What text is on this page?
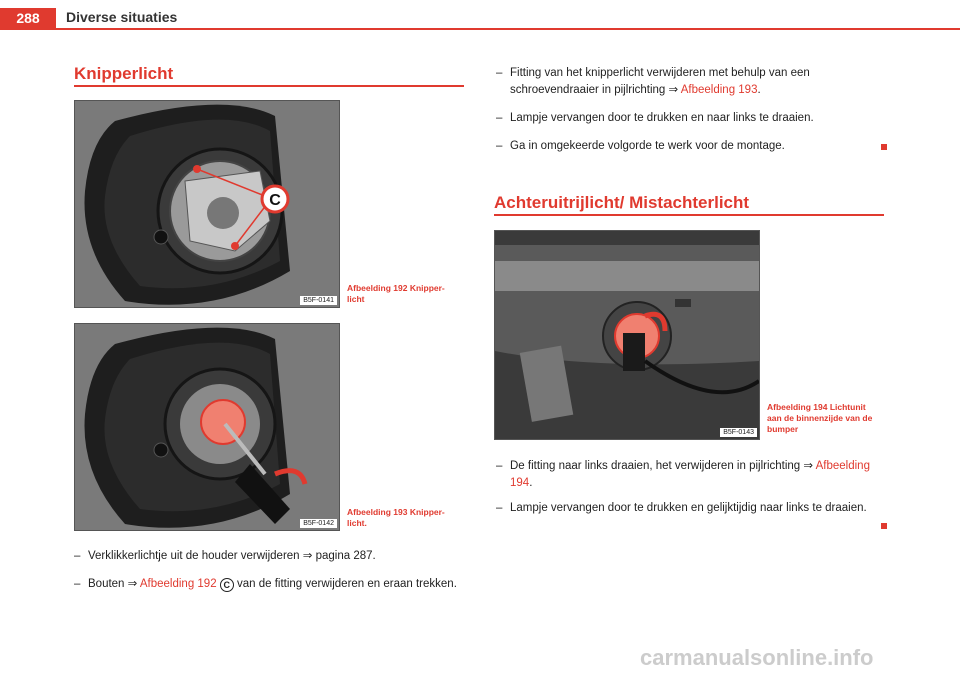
288	Diverse situaties
Knipperlicht
C
B5F-0141
Afbeelding 192 Knipper-licht
B5F-0142
Afbeelding 193 Knipper-licht.
– Verklikkerlichtje uit de houder verwijderen ⇒ pagina 287.
– Bouten ⇒ Afbeelding 192 C van de fitting verwijderen en eraan trekken.
– Fitting van het knipperlicht verwijderen met behulp van een schroevendraaier in pijlrichting ⇒ Afbeelding 193.
– Lampje vervangen door te drukken en naar links te draaien.
– Ga in omgekeerde volgorde te werk voor de montage.
Achteruitrijlicht/ Mistachterlicht
B5F-0143
Afbeelding 194 Lichtunit aan de binnenzijde van de bumper
– De fitting naar links draaien, het verwijderen in pijlrichting ⇒ Afbeelding 194.
– Lampje vervangen door te drukken en gelijktijdig naar links te draaien.
carmanualsonline.info
